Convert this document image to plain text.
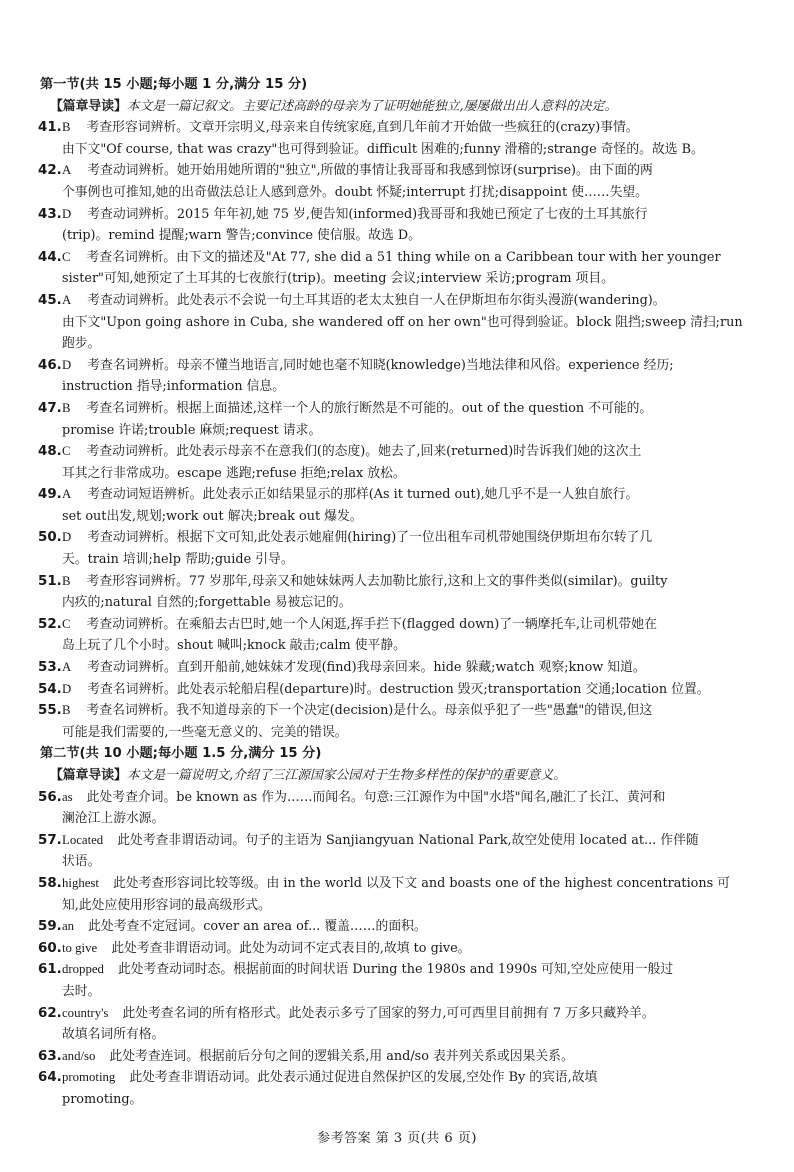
第一节(共 15 小题;每小题 1 分,满分 15 分)
【篇章导读】本文是一篇记叙文。主要记述高龄的母亲为了证明她能独立,屡屡做出出人意料的决定。
41. B 考查形容词辨析。文章开宗明义,母亲来自传统家庭,直到几年前才开始做一些疯狂的(crazy)事情。
由下文"Of course, that was crazy"也可得到验证。difficult 困难的;funny 滑稽的;strange 奇怪的。故选 B。
42. A 考查动词辨析。她开始用她所谓的"独立",所做的事情让我哥哥和我感到惊讶(surprise)。由下面的两
个事例也可推知,她的出奇做法总让人感到意外。doubt 怀疑;interrupt 打扰;disappoint 使……失望。
43. D 考查动词辨析。2015 年年初,她 75 岁,便告知(informed)我哥哥和我她已预定了七夜的土耳其旅行
(trip)。remind 提醒;warn 警告;convince 使信服。故选 D。
44. C 考查名词辨析。由下文的描述及"At 77, she did a 51 thing while on a Caribbean tour with her younger
sister"可知,她预定了土耳其的七夜旅行(trip)。meeting 会议;interview 采访;program 项目。
45. A 考查动词辨析。此处表示不会说一句土耳其语的老太太独自一人在伊斯坦布尔街头漫游(wandering)。
由下文"Upon going ashore in Cuba, she wandered off on her own"也可得到验证。block 阻挡;sweep 清扫;run
跑步。
46. D 考查名词辨析。母亲不懂当地语言,同时她也毫不知晓(knowledge)当地法律和风俗。experience 经历;
instruction 指导;information 信息。
47. B 考查名词辨析。根据上面描述,这样一个人的旅行断然是不可能的。out of the question 不可能的。
promise 许诺;trouble 麻烦;request 请求。
48. C 考查动词辨析。此处表示母亲不在意我们(的态度)。她去了,回来(returned)时告诉我们她的这次土
耳其之行非常成功。escape 逃跑;refuse 拒绝;relax 放松。
49. A 考查动词短语辨析。此处表示正如结果显示的那样(As it turned out),她几乎不是一人独自旅行。
set out出发,规划;work out 解决;break out 爆发。
50. D 考查动词辨析。根据下文可知,此处表示她雇佣(hiring)了一位出租车司机带她围绕伊斯坦布尔转了几
天。train 培训;help 帮助;guide 引导。
51. B 考查形容词辨析。77 岁那年,母亲又和她妹妹两人去加勒比旅行,这和上文的事件类似(similar)。guilty
内疚的;natural 自然的;forgettable 易被忘记的。
52. C 考查动词辨析。在乘船去古巴时,她一个人闲逛,挥手拦下(flagged down)了一辆摩托车,让司机带她在
岛上玩了几个小时。shout 喊叫;knock 敲击;calm 使平静。
53. A 考查动词辨析。直到开船前,她妹妹才发现(find)我母亲回来。hide 躲藏;watch 观察;know 知道。
54. D 考查名词辨析。此处表示轮船启程(departure)时。destruction 毁灭;transportation 交通;location 位置。
55. B 考查名词辨析。我不知道母亲的下一个决定(decision)是什么。母亲似乎犯了一些"愚蠢"的错误,但这
可能是我们需要的,一些毫无意义的、完美的错误。
第二节(共 10 小题;每小题 1.5 分,满分 15 分)
【篇章导读】本文是一篇说明文,介绍了三江源国家公园对于生物多样性的保护的重要意义。
56. as 此处考查介词。be known as 作为……而闻名。句意:三江源作为中国"水塔"闻名,融汇了长江、黄河和
澜沧江上游水源。
57. Located 此处考查非谓语动词。句子的主语为 Sanjiangyuan National Park,故空处使用 located at... 作伴随
状语。
58. highest 此处考查形容词比较等级。由 in the world 以及下文 and boasts one of the highest concentrations 可
知,此处应使用形容词的最高级形式。
59. an 此处考查不定冠词。cover an area of... 覆盖……的面积。
60. to give 此处考查非谓语动词。此处为动词不定式表目的,故填 to give。
61. dropped 此处考查动词时态。根据前面的时间状语 During the 1980s and 1990s 可知,空处应使用一般过
去时。
62. country's 此处考查名词的所有格形式。此处表示多亏了国家的努力,可可西里目前拥有 7 万多只藏羚羊。
故填名词所有格。
63. and/so 此处考查连词。根据前后分句之间的逻辑关系,用 and/so 表并列关系或因果关系。
64. promoting 此处考查非谓语动词。此处表示通过促进自然保护区的发展,空处作 By 的宾语,故填
promoting。
参考答案 第 3 页(共 6 页)
